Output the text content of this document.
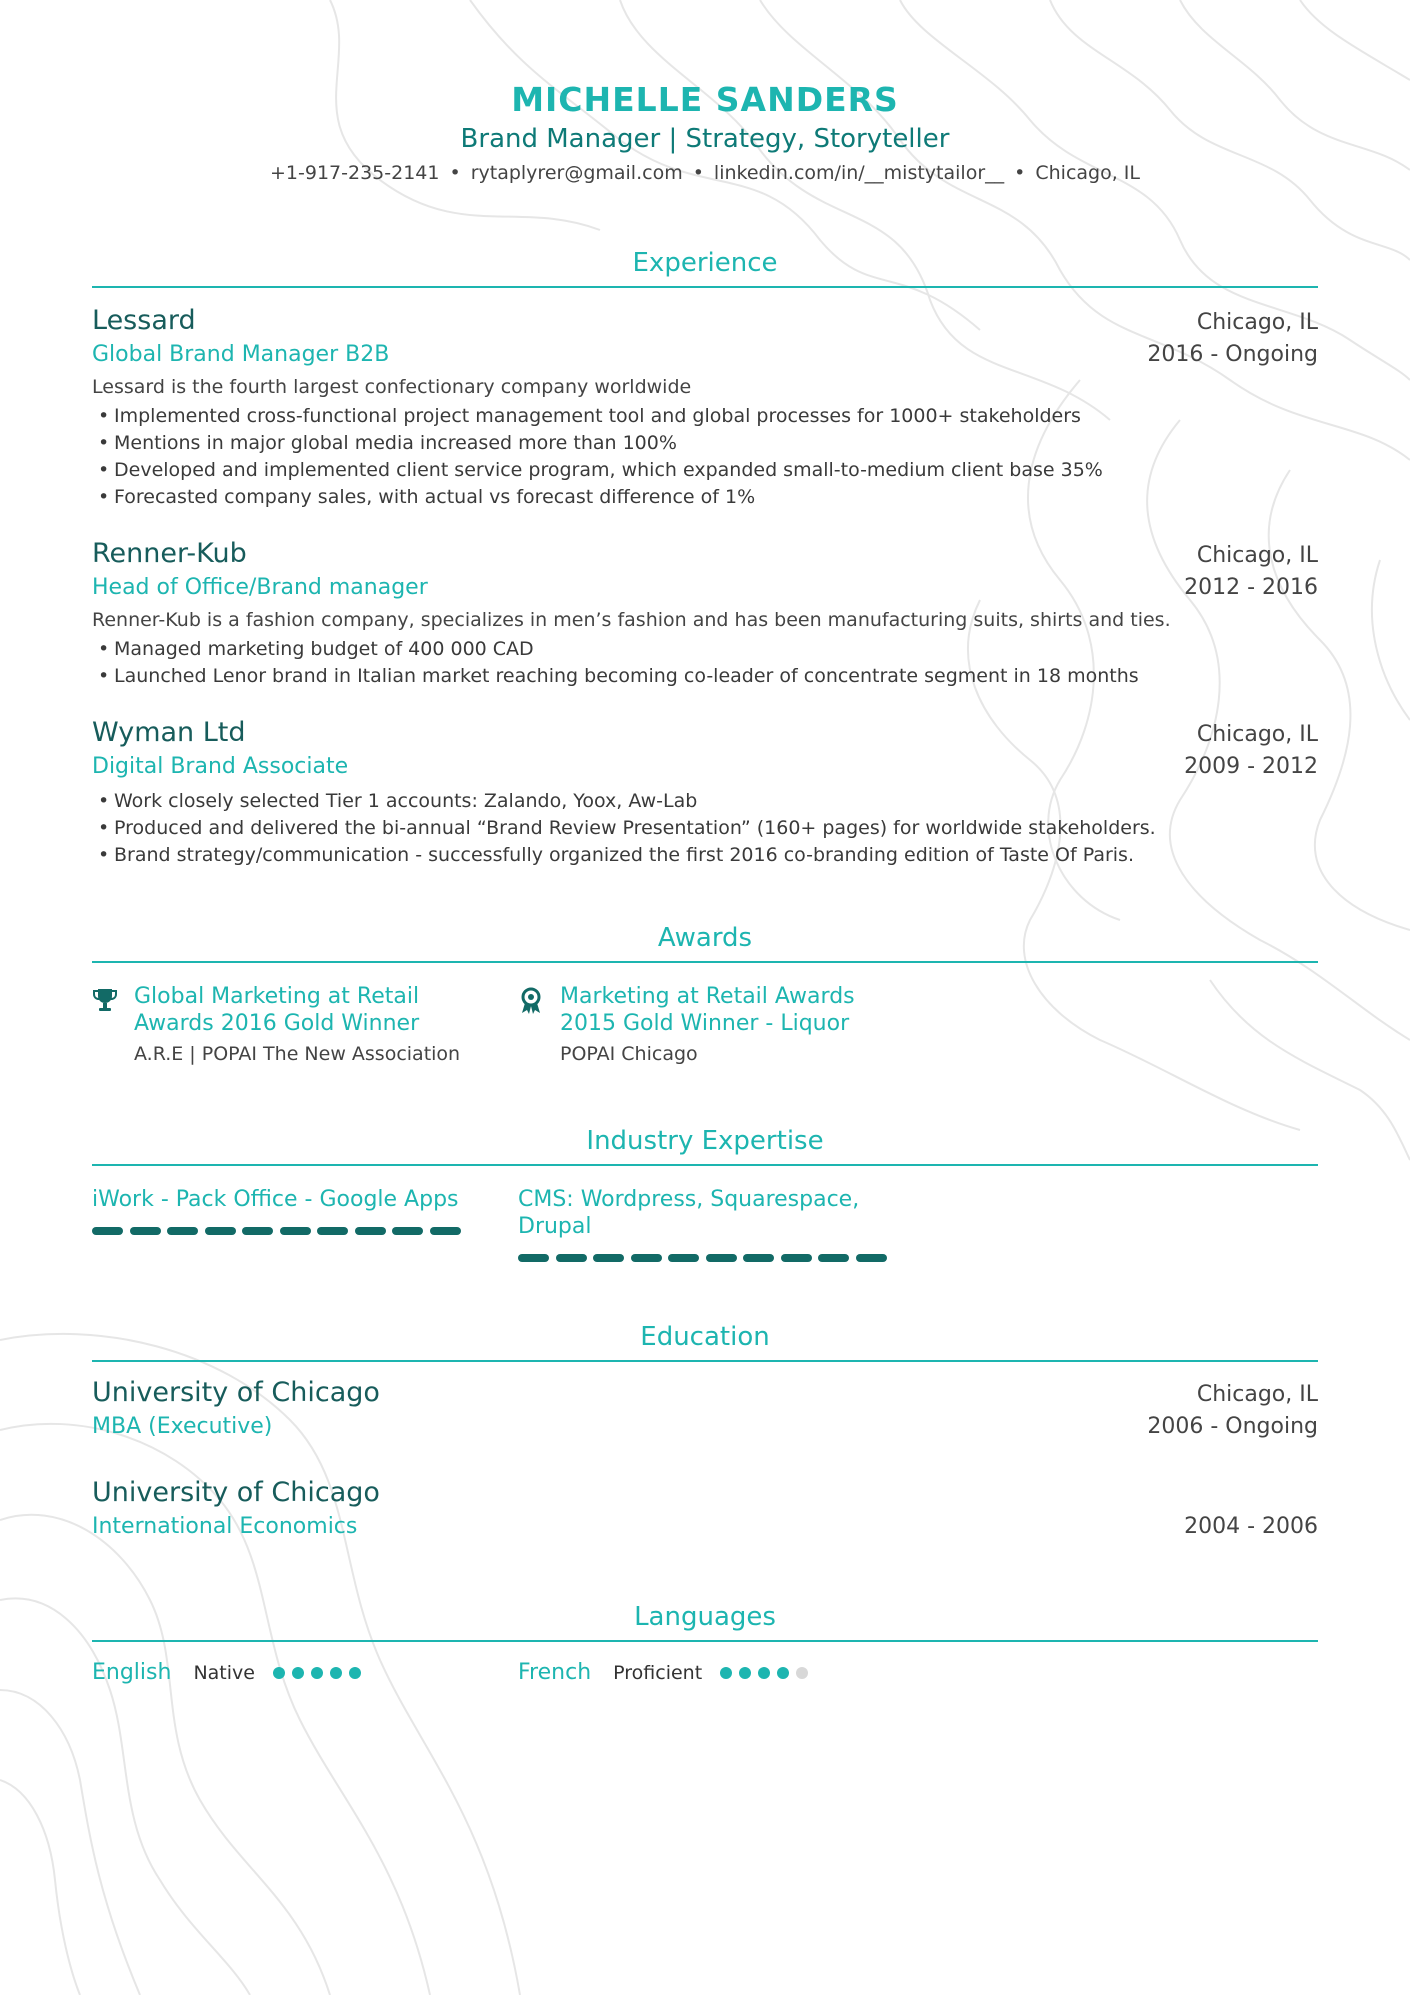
MICHELLE SANDERS
Brand Manager | Strategy, Storyteller
+1-917-235-2141 • rytaplyrer@gmail.com • linkedin.com/in/__mistytailor__ • Chicago, IL
Experience
Lessard	Chicago, IL
Global Brand Manager B2B	2016 - Ongoing
Lessard is the fourth largest confectionary company worldwide
• Implemented cross-functional project management tool and global processes for 1000+ stakeholders
• Mentions in major global media increased more than 100%
• Developed and implemented client service program, which expanded small-to-medium client base 35%
• Forecasted company sales, with actual vs forecast difference of 1%
Renner-Kub	Chicago, IL
Head of Office/Brand manager	2012 - 2016
Renner-Kub is a fashion company, specializes in men’s fashion and has been manufacturing suits, shirts and ties.
• Managed marketing budget of 400 000 CAD
• Launched Lenor brand in Italian market reaching becoming co-leader of concentrate segment in 18 months
Wyman Ltd	Chicago, IL
Digital Brand Associate	2009 - 2012
• Work closely selected Tier 1 accounts: Zalando, Yoox, Aw-Lab
• Produced and delivered the bi-annual “Brand Review Presentation” (160+ pages) for worldwide stakeholders.
• Brand strategy/communication - successfully organized the first 2016 co-branding edition of Taste Of Paris.
Awards
Global Marketing at Retail
Awards 2016 Gold Winner
A.R.E | POPAI The New Association
Marketing at Retail Awards
2015 Gold Winner - Liquor
POPAI Chicago
Industry Expertise
iWork - Pack Office - Google Apps	CMS: Wordpress, Squarespace, Drupal
Education
University of Chicago	Chicago, IL
MBA (Executive)	2006 - Ongoing
University of Chicago
International Economics	2004 - 2006
Languages
English Native	French Proficient
